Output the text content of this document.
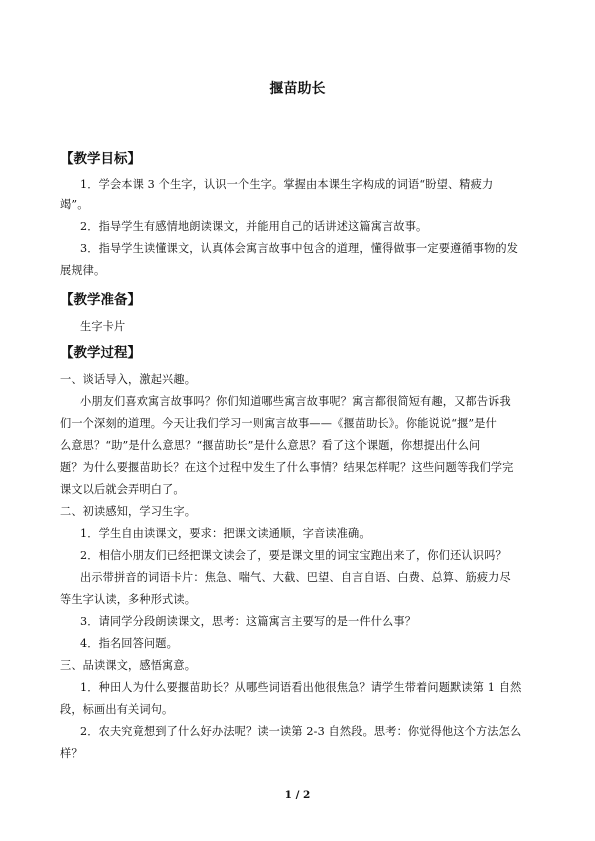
揠苗助长
【教学目标】
1．学会本课 3 个生字，认识一个生字。掌握由本课生字构成的词语“盼望、精疲力
竭”。
2．指导学生有感情地朗读课文，并能用自己的话讲述这篇寓言故事。
3．指导学生读懂课文，认真体会寓言故事中包含的道理，懂得做事一定要遵循事物的发
展规律。
【教学准备】
生字卡片
【教学过程】
一、谈话导入，激起兴趣。
小朋友们喜欢寓言故事吗？你们知道哪些寓言故事呢？寓言都很简短有趣，又都告诉我
们一个深刻的道理。今天让我们学习一则寓言故事——《揠苗助长》。你能说说“揠”是什
么意思？“助”是什么意思？“揠苗助长”是什么意思？看了这个课题，你想提出什么问
题？为什么要揠苗助长？在这个过程中发生了什么事情？结果怎样呢？这些问题等我们学完
课文以后就会弄明白了。
二、初读感知，学习生字。
1．学生自由读课文，要求：把课文读通顺，字音读准确。
2．相信小朋友们已经把课文读会了，要是课文里的词宝宝跑出来了，你们还认识吗？
出示带拼音的词语卡片：焦急、喘气、大截、巴望、自言自语、白费、总算、筋疲力尽
等生字认读，多种形式读。
3．请同学分段朗读课文，思考：这篇寓言主要写的是一件什么事？
4．指名回答问题。
三、品读课文，感悟寓意。
1．种田人为什么要揠苗助长？从哪些词语看出他很焦急？请学生带着问题默读第 1 自然
段，标画出有关词句。
2．农夫究竟想到了什么好办法呢？读一读第 2-3 自然段。思考：你觉得他这个方法怎么
样？
1 / 2
